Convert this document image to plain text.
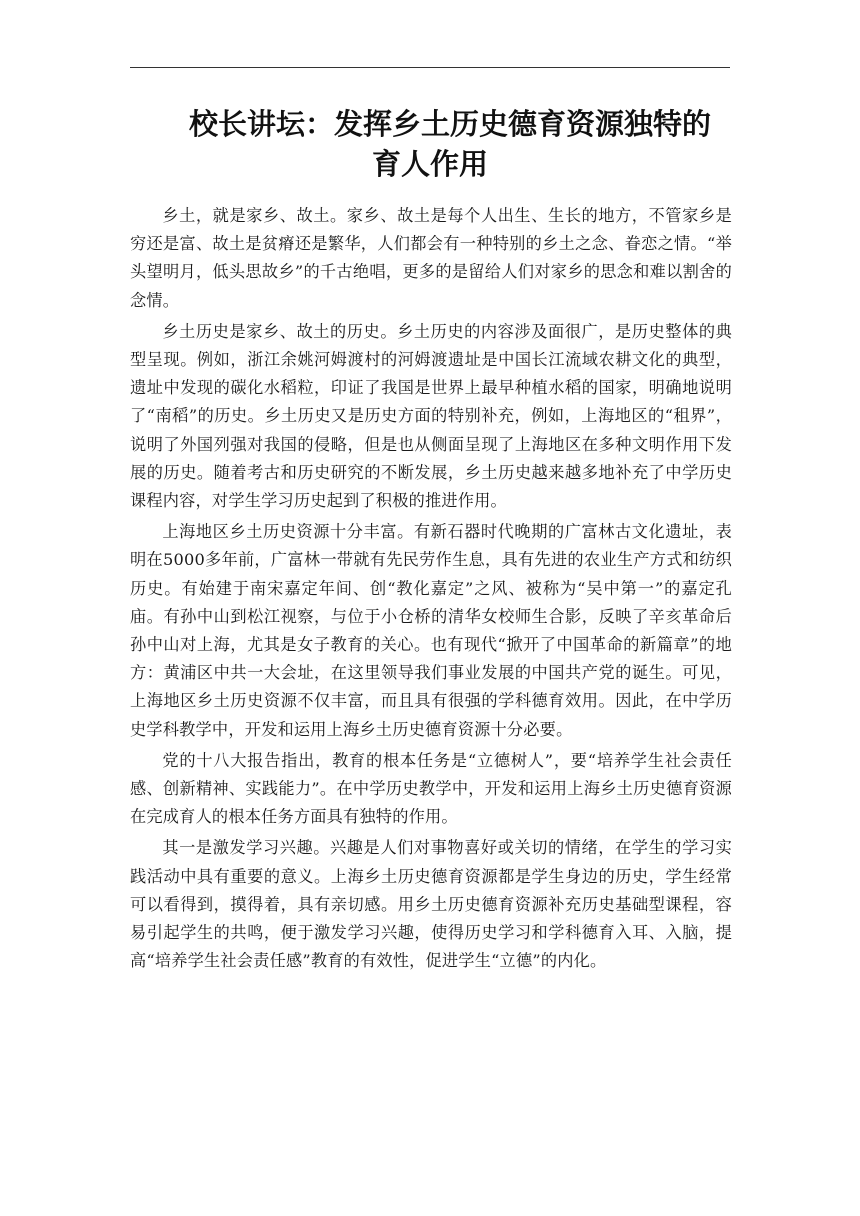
校长讲坛：发挥乡土历史德育资源独特的
育人作用

乡土，就是家乡、故土。家乡、故土是每个人出生、生长的地方，不管家乡是穷还是富、故土是贫瘠还是繁华，人们都会有一种特别的乡土之念、眷恋之情。“举头望明月，低头思故乡”的千古绝唱，更多的是留给人们对家乡的思念和难以割舍的念情。

乡土历史是家乡、故土的历史。乡土历史的内容涉及面很广，是历史整体的典型呈现。例如，浙江余姚河姆渡村的河姆渡遗址是中国长江流域农耕文化的典型，遗址中发现的碳化水稻粒，印证了我国是世界上最早种植水稻的国家，明确地说明了“南稻”的历史。乡土历史又是历史方面的特别补充，例如，上海地区的“租界”，说明了外国列强对我国的侵略，但是也从侧面呈现了上海地区在多种文明作用下发展的历史。随着考古和历史研究的不断发展，乡土历史越来越多地补充了中学历史课程内容，对学生学习历史起到了积极的推进作用。

上海地区乡土历史资源十分丰富。有新石器时代晚期的广富林古文化遗址，表明在5000多年前，广富林一带就有先民劳作生息，具有先进的农业生产方式和纺织历史。有始建于南宋嘉定年间、创“教化嘉定”之风、被称为“吴中第一”的嘉定孔庙。有孙中山到松江视察，与位于小仓桥的清华女校师生合影，反映了辛亥革命后孙中山对上海，尤其是女子教育的关心。也有现代“掀开了中国革命的新篇章”的地方：黄浦区中共一大会址，在这里领导我们事业发展的中国共产党的诞生。可见，上海地区乡土历史资源不仅丰富，而且具有很强的学科德育效用。因此，在中学历史学科教学中，开发和运用上海乡土历史德育资源十分必要。

党的十八大报告指出，教育的根本任务是“立德树人”，要“培养学生社会责任感、创新精神、实践能力”。在中学历史教学中，开发和运用上海乡土历史德育资源在完成育人的根本任务方面具有独特的作用。

其一是激发学习兴趣。兴趣是人们对事物喜好或关切的情绪，在学生的学习实践活动中具有重要的意义。上海乡土历史德育资源都是学生身边的历史，学生经常可以看得到，摸得着，具有亲切感。用乡土历史德育资源补充历史基础型课程，容易引起学生的共鸣，便于激发学习兴趣，使得历史学习和学科德育入耳、入脑，提高“培养学生社会责任感”教育的有效性，促进学生“立德”的内化。
